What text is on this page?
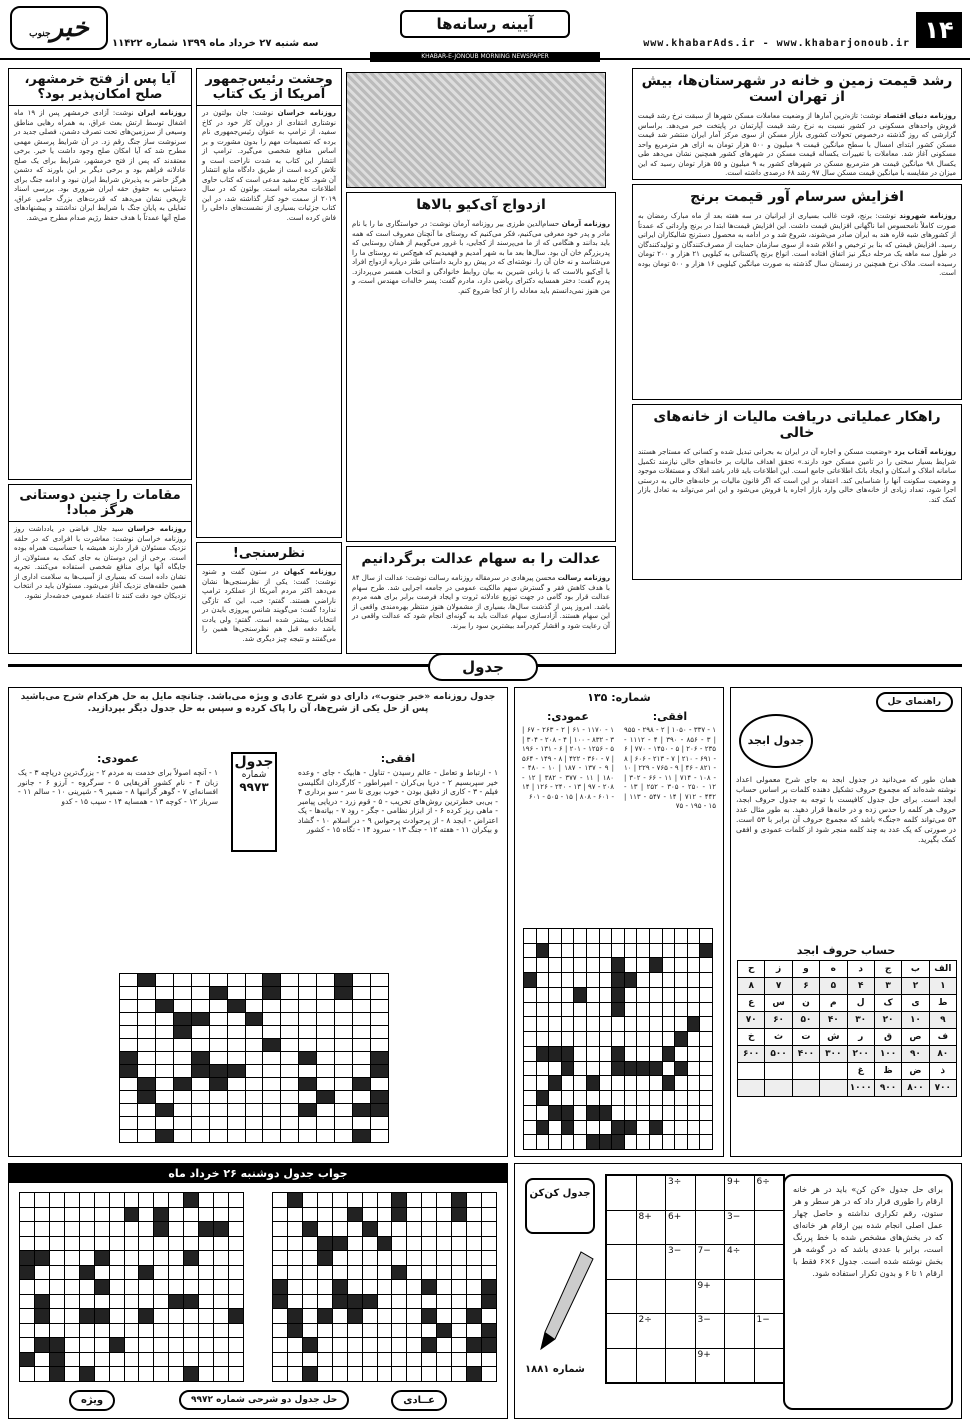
۱۴
www.khabarAds.ir - www.khabarjonoub.ir
آیینه رسانه‌ها
KHABAR-E-JONOUB MORNING NEWSPAPER
خبرجنوب
سه شنبه ۲۷ خرداد ماه ۱۳۹۹ شماره ۱۱۴۲۲
رشد قیمت زمین و خانه در شهرستان‌ها، بیش از تهران است
روزنامه دنیای اقتصاد نوشت: تازه‌ترین آمارها از وضعیت معاملات مسکن شهرها از سبقت نرخ رشد قیمت فروش واحدهای مسکونی در کشور نسبت به نرخ رشد قیمت آپارتمان در پایتخت خبر می‌دهد. براساس گزارشی که روز گذشته درخصوص تحولات کشوری بازار مسکن از سوی مرکز آمار ایران منتشر شد قیمت مسکن کشور ابتدای امسال با سطح میانگین قیمت ۹ میلیون و ۵۰۰ هزار تومان به ازای هر مترمربع واحد مسکونی آغاز شد. معاملات با تغییرات یکساله قیمت مسکن در شهرهای کشور همچنین نشان می‌دهد طی یکسال ۹۸ میانگین قیمت هر مترمربع مسکن در شهرهای کشور به ۹ میلیون و ۵۵ هزار تومان رسید که این میزان در مقایسه با میانگین قیمت مسکن سال ۹۷ رشد ۶۸ درصدی داشته است.
افزایش سرسام آور قیمت برنج
روزنامه شهروند نوشت: برنج، قوت غالب بسیاری از ایرانیان در سه هفته بعد از ماه مبارک رمضان به صورت کاملاً نامحسوس اما ناگهانی افزایش قیمت داشت. این افزایش قیمت‌ها ابتدا در برنج وارداتی که عمدتاً از کشورهای شبه قاره هند به ایران صادر می‌شوند، شروع شد و در ادامه به محصول دسترنج شالیکاران ایرانی رسید. افزایش قیمتی که بنا بر ترخیص و اعلام شده از سوی سازمان حمایت از مصرف‌کنندگان و تولیدکنندگان در طول سه ماهه یک مرحله دیگر نیز اتفاق افتاده است. انواع برنج پاکستانی به کیلویی ۲۱ هزار و ۲۰۰ تومان رسیده است. ملاک نرخ همچنین در زمستان سال گذشته به صورت میانگین کیلویی ۱۶ هزار و ۵۰۰ تومان بوده است.
راهکار عملیاتی دریافت مالیات از خانه‌های خالی
روزنامه آفتاب یزد «وضعیت مسکن و اجاره آن در ایران به بحرانی تبدیل شده و کسانی که مستاجر هستند شرایط بسیار سختی را در تامین مسکن خود دارند.» تحقق اهداف مالیات بر خانه‌های خالی نیازمند تکمیل سامانه املاک و اسکان و ایجاد بانک اطلاعاتی جامع است. این اطلاعات باید قادر باشد املاک و مستغلات موجود و وضعیت سکونت آنها را شناسایی کند. اعتقاد بر این است که اگر قانون مالیات بر خانه‌های خالی به درستی اجرا شود، تعداد زیادی از خانه‌های خالی وارد بازار اجاره یا فروش می‌شود و این امر می‌تواند به تعادل بازار کمک کند.
ازدواج آی‌کیو بالاها
روزنامه آرمان حسام‌الدین طرزی بیر روزنامه آرمان نوشت: در خواستگاری ما را با نام مادر و پدر خود معرفی می‌کنیم، فکر می‌کنیم که روستای ما آنچنان معروف است که همه باید بدانند و هنگامی که از ما می‌پرسند از کجایی، با غرور می‌گوییم از همان روستایی که پدربزرگم خان آن بود. سال‌ها بعد ما به شهر آمدیم و فهمیدیم که هیچ‌کس نه روستای ما را می‌شناسد و نه خان آن را. نوشته‌ای که در پیش رو دارید داستانی طنز درباره ازدواج افراد با آی‌کیو بالاست که با زبانی شیرین به بیان روابط خانوادگی و انتخاب همسر می‌پردازد. پدرم گفت: دختر همسایه دکترای ریاضی دارد، مادرم گفت: پسر خاله‌ات مهندس است، و من هنوز نمی‌دانستم باید معادله را از کجا شروع کنم.
عدالت را به سهام عدالت برگردانیم
روزنامه رسالت محسن پیرهادی در سرمقاله روزنامه رسالت نوشت: عدالت از سال ۸۴ با هدف کاهش فقر و گسترش سهم مالکیت عمومی در جامعه اجرایی شد. طرح سهام عدالت قرار بود گامی در جهت توزیع عادلانه ثروت و ایجاد فرصت برابر برای همه مردم باشد. امروز پس از گذشت سال‌ها، بسیاری از مشمولان هنوز منتظر بهره‌مندی واقعی از این سهام هستند. آزادسازی سهام عدالت باید به گونه‌ای انجام شود که عدالت واقعی در آن رعایت شود و اقشار کم‌درآمد بیشترین سود را ببرند.
وحشت رئیس‌جمهور آمریکا از یک کتاب
روزنامه خراسان نوشت: جان بولتون در نوشتاری انتقادی از دوران کار خود در کاخ سفید، از ترامپ به عنوان رئیس‌جمهوری نام برده که تصمیمات مهم را بدون مشورت و بر اساس منافع شخصی می‌گیرد. ترامپ از انتشار این کتاب به شدت ناراحت است و تلاش کرده است از طریق دادگاه مانع انتشار آن شود. کاخ سفید مدعی است که کتاب حاوی اطلاعات محرمانه است. بولتون که در سال ۲۰۱۹ از سمت خود کنار گذاشته شد، در این کتاب جزئیات بسیاری از نشست‌های داخلی را فاش کرده است.
نظرسنجی!
روزنامه کیهان در ستون گفت و شنود نوشت: گفت: یکی از نظرسنجی‌ها نشان می‌دهد اکثر مردم آمریکا از عملکرد ترامپ ناراضی هستند. گفتم: خب، این که تازگی ندارد! گفت: می‌گویند شانس پیروزی بایدن در انتخابات بیشتر شده است. گفتم: ولی یادت باشد دفعه قبل هم نظرسنجی‌ها همین را می‌گفتند و نتیجه چیز دیگری شد.
آیا پس از فتح خرمشهر، صلح امکان‌پذیر بود؟
روزنامه ایران نوشت: آزادی خرمشهر پس از ۱۹ ماه اشغال توسط ارتش بعث عراق، به همراه رهایی مناطق وسیعی از سرزمین‌های تحت تصرف دشمن، فصلی جدید در سرنوشت ساز جنگ رقم زد. در آن شرایط پرسش مهمی مطرح شد که آیا امکان صلح وجود داشت یا خیر. برخی معتقدند که پس از فتح خرمشهر، شرایط برای یک صلح عادلانه فراهم بود و برخی دیگر بر این باورند که دشمن هرگز حاضر به پذیرش شرایط ایران نبود و ادامه جنگ برای دستیابی به حقوق حقه ایران ضروری بود. بررسی اسناد تاریخی نشان می‌دهد که قدرت‌های بزرگ حامی عراق، تمایلی به پایان جنگ با شرایط ایران نداشتند و پیشنهادهای صلح آنها عمدتاً با هدف حفظ رژیم صدام مطرح می‌شد.
مقامات را چنین دوستانی هرگز مباد!
روزنامه خراسان سید جلال فیاضی در یادداشت روز روزنامه خراسان نوشت: معاشرت با افرادی که در حلقه نزدیک مسئولان قرار دارند همیشه با حساسیت همراه بوده است. برخی از این دوستان به جای کمک به مسئولان، از جایگاه آنها برای منافع شخصی استفاده می‌کنند. تجربه نشان داده است که بسیاری از آسیب‌ها به سلامت اداری از همین حلقه‌های نزدیک آغاز می‌شود. مسئولان باید در انتخاب نزدیکان خود دقت کنند تا اعتماد عمومی خدشه‌دار نشود.
جدول
جدول روزنامه «خبر جنوب»، دارای دو شرح عادی و ویژه می‌باشد. چنانچه مایل به حل هرکدام شرح می‌باشید پس از حل یکی از شرح‌ها، آن را پاک کرده و سپس به حل جدول دیگر بپردازید.
جدول
شماره
۹۹۷۳
افقی:
۱ - ارتباط و تعامل - عالم رسیدن - تناول - هابیک - جای - وعده خیر سپربسیم ۲ - دریا بی‌کران - امپراطور - کارگردان انگلیسی فیلم - ۳ - کاری از دقیق بودن - خوب بوری تا سر - سو برداری ۴ - بی‌بی خطرترین روش‌های تخریب - ۵ - قوم زرد - دریایی پیامبر - ماهی ریز کرده ۶ - از ابزار نظامی - جگر - رود ۷ - بیانه‌ها - یک اعتراض - ابجد ۸ - از پرحوادث پرحواس ۹ - در اسلام ۱۰ - گشاد و بیکران ۱۱ - هفته ۱۲ - جنگ ۱۳ - سرود ۱۴ - نگاه ۱۵ - کشور
عمودی:
۱ - آنچه اصولاً برای خدمت به مردم ۲ - بزرگ‌ترین دریاچه ۳ - یک زبان ۴ - نام کشور آفریقایی ۵ - سرگروه - آرزو ۶ - جانور افسانه‌ای ۷ - گوهر گرانبها ۸ - ضمیر ۹ - شیرینی ۱۰ - سالم ۱۱ - سرباز ۱۲ - کوچه ۱۳ - همسایه ۱۴ - سیب ۱۵ - کدو
شماره: ۱۳۵
افقی:
۱ - ۳۳۷ - ۱۰۵۰ | ۲ - ۲۹۸ - ۹۵۵ | ۳ - ۸۵۶ - ۳۹۰ | ۴ - ۱۱۱۲ - ۲۳۵ - ۲۰۶ | ۵ - ۱۴۵۰ - ۷۷۰ | ۶ - ۶۹۱ - ۲۱۰ | ۷ - ۲۱۳ - ۶۰۶ | ۸ - ۸۲۱ - ۴۶ | ۹ - ۷۶۵ - ۲۲۹ | ۱۰ - ۱۰۸ - ۷۱۴ | ۱۱ - ۶۶ - ۳۰۲ | ۱۲ - ۲۵۰ - ۳۰۵ - ۲۵۲ | ۱۳ - ۴۴۲ - ۷۱۲ | ۱۴ - ۵۴۷ - ۱۱۳ | ۱۵ - ۱۹۵ - ۷۵
عمودی:
۱ - ۱۱۷۰ - ۶۱ | ۲ - ۲۶۳ - ۶۷ | ۳ - ۸۳۲ - ۱۰۰ | ۴ - ۲۰۸ - ۳۰۴ | ۵ - ۱۲۵۶ - ۲۰۱ | ۶ - ۱۳۱ - ۱۹۶ | ۷ - ۳۶۰ - ۴۲۲ | ۸ - ۱۴۹ - ۵۶۴ | ۹ - ۱۳۷ - ۱۸۷ | ۱۰ - ۴۸۰ - ۱۸۰ | ۱۱ - ۳۷۷ - ۳۸۲ | ۱۲ - ۲۰۸ - ۹۷ | ۱۳ - ۲۴۰ - ۱۲۶ | ۱۴ - ۶۰۱ - ۸۰۸ | ۱۵ - ۵۰۵ - ۶۰۱
راهنمای حل
جدول ابجد
همان طور که می‌دانید در جدول ابجد به جای شرح معمولی اعداد نوشته شده‌اند که مجموع حروف تشکیل دهنده کلمات بر اساس حساب ابجد است. برای حل جدول کافیست با توجه به جدول حروف ابجد، حروف هر کلمه را حدس زده و در خانه‌ها قرار دهید. به طور مثال عدد ۵۳ می‌تواند کلمه «جنگ» باشد که مجموع حروف آن برابر با ۵۳ است. در صورتی که یک عدد به چند کلمه منجر شود از کلمات عمودی و افقی کمک بگیرید.
حساب حروف ابجد
الف
ب
ج
د
ه
و
ز
ح
۱
۲
۳
۴
۵
۶
۷
۸
ط
ی
ک
ل
م
ن
س
ع
۹
۱۰
۲۰
۳۰
۴۰
۵۰
۶۰
۷۰
ف
ص
ق
ر
ش
ت
ث
خ
۸۰
۹۰
۱۰۰
۲۰۰
۳۰۰
۴۰۰
۵۰۰
۶۰۰
ذ
ض
ظ
غ
۷۰۰
۸۰۰
۹۰۰
۱۰۰۰
جواب جدول دوشنبه ۲۶ خرداد ماه
عــادی
حل جدول دو شرحی شماره ۹۹۷۲
ویژه
برای حل جدول «کن کن» باید در هر خانه ارقام را طوری قرار داد که در هر سطر و هر ستون، رقم تکراری نداشته و حاصل چهار عمل اصلی انجام شده بین ارقام هر خانه‌ای که در بخش‌های مشخص شده با خط پررنگ است، برابر با عددی باشد که در گوشه هر بخش نوشته شده است. جدول ۶×۶ فقط با ارقام ۱ تا ۶ و بدون تکرار استفاده شود.
6÷
9+
3÷
3−
6+
8+
4÷
7−
3−
9+
1−
3−
2÷
9+
جدول کن‌کن
شماره ۱۸۸۱
